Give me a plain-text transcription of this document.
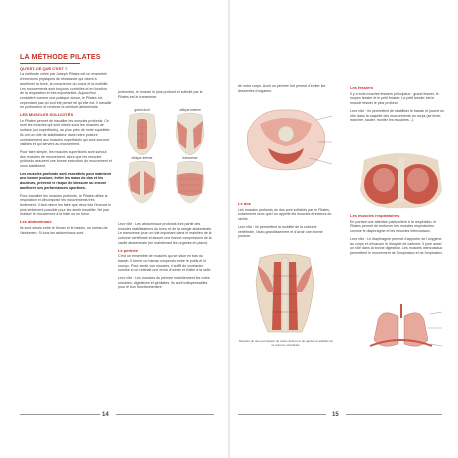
LA MÉTHODE PILATES
QU'EST-CE QUE C'EST ?

La méthode créée par Joseph Pilates est un ensemble d'exercices physiques de résistance qui visent à améliorer la force, la conscience du corps et la mobilité. Les mouvements sont toujours contrôlés et en fonction de la respiration et très importantes. Aujourd'hui considéré comme une pratique douce, le Pilates n'a cependant pas du tout été pensé tel qu'elle est. Il travaille en profondeur et renforce la ceinture abdominale.

LES MUSCLES SOLLICITÉS

Le Pilates permet de travailler les muscles profonds. Ce sont les muscles qui sont situés sous les muscles de surface (ou superficiels), au plus près de notre squelette. Ils ont un rôle de stabilisateur dans notre posture contrairement aux muscles superficiels qui sont souvent visibles et qui servent au mouvement.

Pour faire simple, les muscles superficiels sont surtout des muscles de mouvement, alors que les muscles profonds assurent une bonne exécution du mouvement et nous stabilisent.

Les muscles profonds sont essentiels pour maintenir une bonne posture, éviter les maux de dos et les douleurs, prévenir le risque de blessure ou encore améliorer ses performances sportives.

Pour travailler les muscles profonds, le Pilates utilise la respiration et décompose les mouvements très lentement. Il faut mieux les faire que deux fois l'énoncé le plus lentement possible pour les sentir travailler. Ne pas réaliser le mouvement à la hâte ou en force.

Les abdominaux

Ils sont situés entre le thorax et le bassin, au niveau de l'abdomen. Si tous les abdominaux sont

profondes, le muscle le plus profond et sollicité par le Pilates est le transverse.

grand droit	oblique externe
oblique interne	transverse

Leur rôle : Les abdominaux profonds font partie des muscles stabilisateurs du tronc et de la sangle abdominale. Le transverse joue un rôle important dans le maintien de la colonne vertébrale et assure une bonne compression de la cavité abdominale (en maintenant les organes en place).

Le périnée

C'est un ensemble de muscles qui se situe en bas du bassin. Il forme un hamac suspendu entre le pubis et le coccyx. Pour sentir vos muscles, il suffit de contracter comme si on retenait une envie d'uriner et d'aller à la selle.

Leur rôle : Les muscles du périnée maintiennent les voies urinaires, digestives et génitales. Ils sont indispensables pour le bon fonctionnement

14

de notre corps. Avoir un périnée fort permet d'éviter les descentes d'organes.

Le dos

Les muscles profonds du dos sont sollicités par le Pilates, notamment ceux que l'on appelle les muscles érecteurs du rachis.

Leur rôle : Ils permettent la mobilité de la colonne vertébrale, l'auto-grandissement et d'avoir une bonne posture.

Muscles du dos permettent de rester debout et de garder la stabilité de la colonne vertébrale.
Les fessiers

Il y a trois muscles fessiers principaux : grand fessier, le moyen fessier et le petit fessier. Le petit fessier est le muscle fessier le plus profond.

Leur rôle : Ils permettent de stabiliser le bassin et jouent un rôle dans la majorité des mouvements du corps (se lever, marcher, sauter, monter les escaliers...).

Les muscles respiratoires

En portant une attention particulière à la respiration, le Pilates permet de renforcer les muscles respiratoires comme le diaphragme et les muscles intercostaux.

Leur rôle : Le diaphragme permet d'apporter de l'oxygène au corps et d'évacuer le dioxyde de carbone. Il joue aussi un rôle dans la bonne digestion. Les muscles intercostaux permettent le mouvement de l'inspiration et de l'expiration.

15
